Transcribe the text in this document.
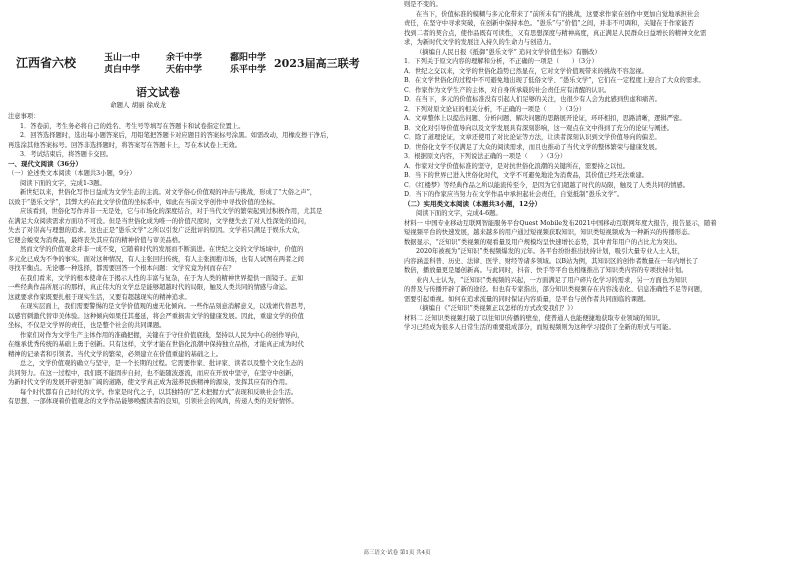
江西省六校	玉山一中
贞白中学
余干中学
天佑中学
鄱阳中学
乐平中学 2023届高三联考
语文试卷
命题人 胡丽 徐成龙
注意事项：
1．答卷前，考生务必将自己的姓名、考生号等填写在答题卡和试卷指定位置上。
2．回答选择题时，选出每小题答案后，用铅笔把答题卡对应题目的答案标号涂黑。如需改动，用橡皮擦干净后，
再选涂其他答案标号。回答非选择题时，将答案写在答题卡上，写在本试卷上无效。
3．考试结束后，将答题卡交回。
一、现代文阅读（36分）
（一）论述类文本阅读（本题共3小题，9分）
阅读下面的文字，完成1-3题。
新世纪以来，世俗化写作日益成为文学生态的主流。对文学俗心价值观的冲击与挑战，形成了“大俗之声”，
以致于“愚乐文学”，其弊大约在此文学价值的坐标系中，如此在当前文学创作中寻找价值的坐标。
应该看到，世俗化写作并非一无是处，它与市场化的深度结合，对于当代文学的繁荣起到过积极作用，尤其是
在满足大众阅读需求方面功不可没。但是当世俗化成为唯一的价值尺度时，文学便失去了对人性深处的追问，
失去了对崇高与理想的追求。这也正是“愚乐文学”之所以引发广泛批评的原因。文学若只满足于娱乐大众，
它便会蜕变为消费品，最终丧失其应有的精神价值与审美品格。
然而文学的价值观念并非一成不变，它随着时代的发展而不断演进。在世纪之交的文学场域中，价值的
多元化已成为不争的事实。面对这种情况，有人主张回归传统，有人主张拥抱市场，也有人试图在两者之间
寻找平衡点。无论哪一种选择，都需要回答一个根本问题：文学究竟为何而存在？
在我们看来，文学的根本使命在于揭示人性的丰富与复杂，在于为人类的精神世界提供一面镜子。正如
一些经典作品所展示的那样，真正伟大的文学总是能够超越时代的局限，触及人类共同的情感与命运。
这就要求作家既要扎根于现实生活，又要有超越现实的精神追求。
在现实层面上，我们需要警惕的是文学价值观的虚无化倾向。一些作品刻意消解意义，以戏谑代替思考，
以感官刺激代替审美体验。这种倾向如果任其蔓延，将会严重损害文学的健康发展。因此，重建文学的价值
坐标，不仅是文学界的责任，也是整个社会的共同课题。
作家们对作为文学生产主体作用的准确把握，关键在于守住价值底线，坚持以人民为中心的创作导向，
在继承优秀传统的基础上勇于创新。只有这样，文学才能在世俗化浪潮中保持独立品格，才能真正成为时代
精神的记录者和引领者。当代文学的繁荣，必须建立在价值重建的基础之上。
总之，文学价值观的确立与坚守，是一个长期的过程。它需要作家、批评家、读者以及整个文化生态的
共同努力。在这一过程中，我们既不能固步自封，也不能随波逐流，而应在开放中坚守，在坚守中创新，
为新时代文学的发展开辟更加广阔的道路，使文学真正成为滋养民族精神的源泉，发挥其应有的作用。
每个时代都有自己时代的文学。作家是时代之子，以其独特的“艺术把握方式”表现和反映社会生活。
有思想、一部体现着价值观念的文学作品能够唤醒读者的良知，引领社会的风尚，传递人类的美好情怀。
则是不变的。
在当下，价值标准的模糊与多元化带来了“前所未有”的挑战，这要求作家在创作中更加自觉地承担社会
责任，在坚守中寻求突破，在创新中保持本色。“愚乐”与“价值”之间，并非不可调和，关键在于作家能否
找到二者的契合点，使作品既有可读性，又有思想深度与精神高度，真正满足人民群众日益增长的精神文化需
求，为新时代文学的发展注入持久的生命力与创造力。
（摘编自人民日报《抵御“愚乐文学” 追问文学价值坐标》有删改）
1．下列关于原文内容的理解和分析，不正确的一项是（　　）（3分）
A．世纪之交以来，文学的世俗化趋势已然显在，它对文学价值观带来的挑战不容忽视。
B．在文学世俗化的过程中不可避免地出现了低俗文学、“愚乐文学”，它们在一定程度上迎合了大众的需求。
C．作家作为文学生产的主体，对自身所承载的社会责任应有清醒的认识。
D．在当下，多元的价值标准没有引起人们足够的关注，也很少有人会为此感到焦虑和痛苦。
2．下列对原文论证的相关分析，不正确的一项是（　　）（3分）
A．文章整体上以提出问题、分析问题、解决问题的思路展开论证，环环相扣，思路清晰，逻辑严密。
B．文化对引导价值导向以及文学发展具有深刻影响，这一观点在文中得到了充分的论证与阐述。
C．除了道理论证，文章还使用了对比论证等方法，让读者深刻认识到文学价值导向的偏差。
D．世俗化文学不仅满足了大众的阅读需求，而且也推动了当代文学的整体繁荣与健康发展。
3．根据原文内容，下列说法正确的一项是（　　）（3分）
A．作家对文学价值标准的坚守，是对抗世俗化浪潮的关键所在，需要持之以恒。
B．当下的世界已进入世俗化时代，文学不可避免地沦为消费品，其价值已经无法重建。
C．《红楼梦》等经典作品之所以能流传至今，是因为它们超越了时代的局限，触及了人类共同的情感。
D．当下的作家应当努力在文学作品中承担起社会责任，自觉抵制“愚乐文学”。
（二）实用类文本阅读（本题共3小题，12分）
阅读下面的文字，完成4-6题。
材料一 中国专业移动互联网智能服务平台Quest Mobile发布2021中国移动互联网年度大报告，报告显示，随着
短视频平台的快速发展，越来越多的用户通过短视频获取知识，知识类短视频成为一种新兴的传播形态。
数据显示，“泛知识”类视频的观看量及用户规模均呈快速增长态势，其中青年用户的占比尤为突出。
2020年被视为“泛知识”类视频爆发的元年。各平台纷纷推出扶持计划，吸引大量专业人士入驻，
内容涵盖科普、历史、法律、医学、财经等诸多领域。以B站为例，其知识区的创作者数量在一年内增长了
数倍，播放量更是屡创新高。与此同时，抖音、快手等平台也相继推出了知识类内容的专项扶持计划。
业内人士认为，“泛知识”类视频的兴起，一方面满足了用户碎片化学习的需求，另一方面也为知识
的普及与传播开辟了新的途径。但也有专家指出，部分知识类视频存在内容浅表化、信息准确性不足等问题，
需要引起重视。如何在追求流量的同时保证内容质量，是平台与创作者共同面临的课题。
（摘编自《“泛知识”类视频正以怎样的方式改变我们？》）
材料二 泛知识类视频打破了以往知识传播的壁垒，使普通人也能便捷地获取专业领域的知识。
学习已经成为很多人日常生活的重要组成部分，而短视频则为这种学习提供了全新的形式与可能。
高三语文·试卷 第1页 共4页
